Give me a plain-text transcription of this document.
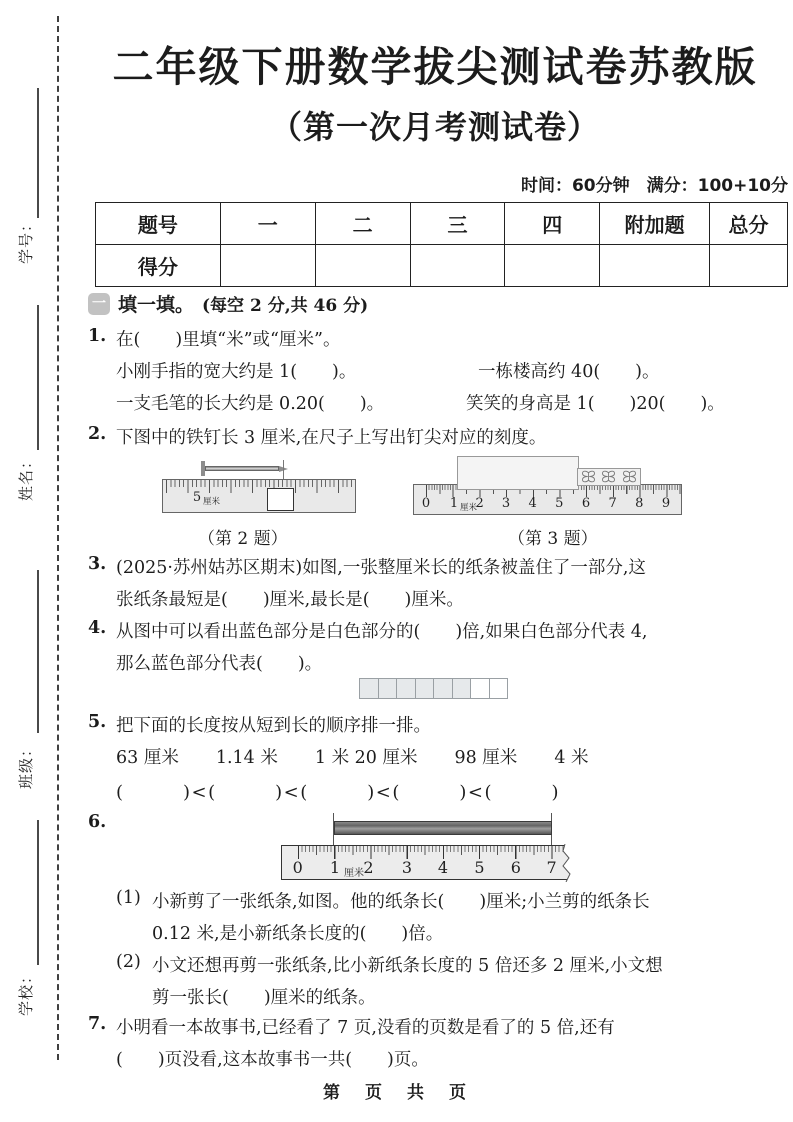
学号：
姓名：
班级：
学校：
二年级下册数学拔尖测试卷苏教版
（第一次月考测试卷）
时间：60分钟　满分：100+10分
题号	一	二	三	四	附加题	总分
得分						
一 填一填。 (每空 2 分,共 46 分)
1. 在(　　)里填“米”或“厘米”。
小刚手指的宽大约是 1(　　)。	一栋楼高约 40(　　)。
一支毛笔的长大约是 0.20(　　)。	笑笑的身高是 1(　　)20(　　)。
2. 下图中的铁钉长 3 厘米,在尺子上写出钉尖对应的刻度。
5 厘米
（第 2 题）
0	1 厘米
2	3	4	5	6	7	8	9
（第 3 题）
3. (2025·苏州姑苏区期末)如图,一张整厘米长的纸条被盖住了一部分,这
张纸条最短是(　　)厘米,最长是(　　)厘米。
4. 从图中可以看出蓝色部分是白色部分的(　　)倍,如果白色部分代表 4,
那么蓝色部分代表(　　)。
5. 把下面的长度按从短到长的顺序排一排。
63 厘米 1.14 米 1 米 20 厘米 98 厘米 4 米
(　　　)<(　　　)<(　　　)<(　　　)<(　　　)
6.
0	1 厘米 2	3	4	5	6	7
(1) 小新剪了一张纸条,如图。他的纸条长(　　)厘米;小兰剪的纸条长
0.12 米,是小新纸条长度的(　　)倍。
(2) 小文还想再剪一张纸条,比小新纸条长度的 5 倍还多 2 厘米,小文想
剪一张长(　　)厘米的纸条。
7. 小明看一本故事书,已经看了 7 页,没看的页数是看了的 5 倍,还有
(　　)页没看,这本故事书一共(　　)页。
第　页　共　页
